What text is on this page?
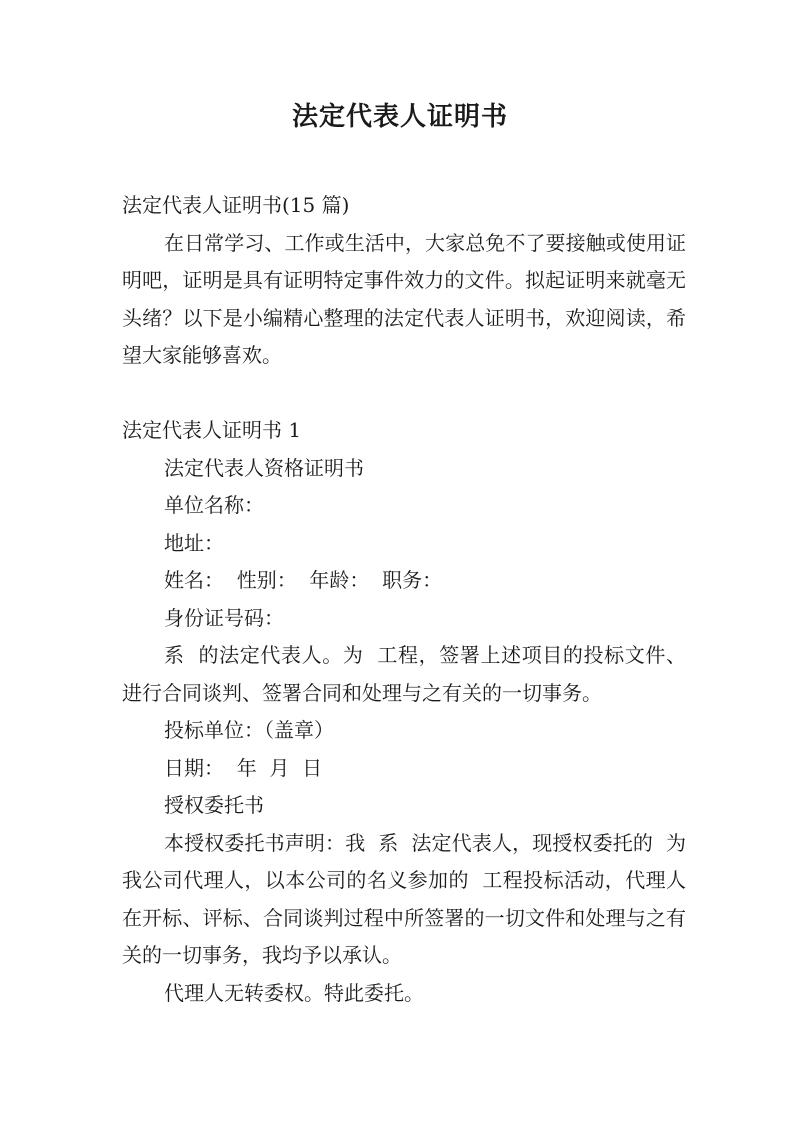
法定代表人证明书

法定代表人证明书(15 篇)

在日常学习、工作或生活中，大家总免不了要接触或使用证明吧，证明是具有证明特定事件效力的文件。拟起证明来就毫无头绪？以下是小编精心整理的法定代表人证明书，欢迎阅读，希望大家能够喜欢。

法定代表人证明书 1

法定代表人资格证明书

单位名称：

地址：

姓名：  性别：  年龄：  职务：

身份证号码：

系  的法定代表人。为  工程，签署上述项目的投标文件、进行合同谈判、签署合同和处理与之有关的一切事务。

投标单位：（盖章）

日期：  年  月  日

授权委托书

本授权委托书声明：我  系  法定代表人，现授权委托的  为我公司代理人，以本公司的名义参加的  工程投标活动，代理人在开标、评标、合同谈判过程中所签署的一切文件和处理与之有关的一切事务，我均予以承认。

代理人无转委权。特此委托。
